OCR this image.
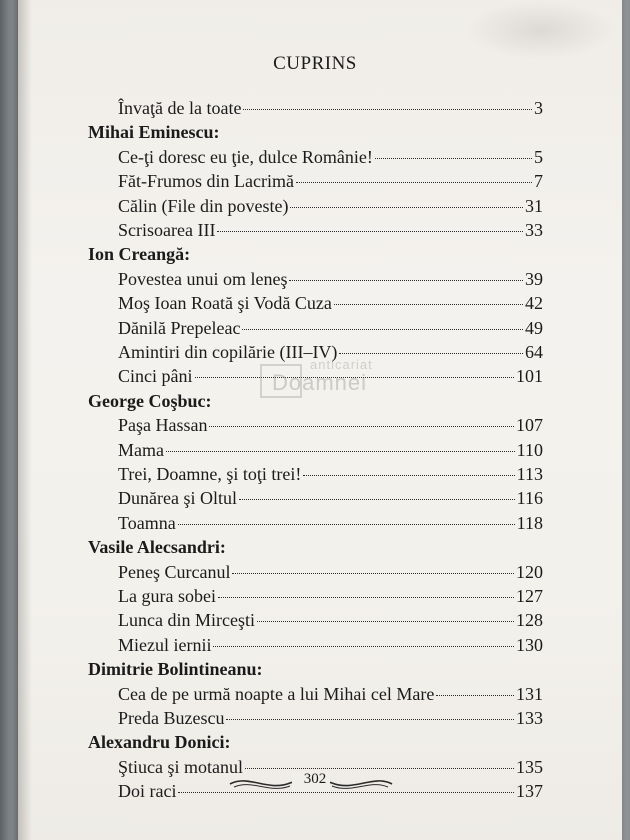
CUPRINS
Învaţă de la toate	3
Mihai Eminescu:
Ce-ţi doresc eu ţie, dulce Românie!	5
Făt-Frumos din Lacrimă	7
Călin (File din poveste)	31
Scrisoarea III	33
Ion Creangă:
Povestea unui om leneş	39
Moş Ioan Roată şi Vodă Cuza	42
Dănilă Prepeleac	49
Amintiri din copilărie (III–IV)	64
Cinci pâni	101
George Coşbuc:
Paşa Hassan	107
Mama	110
Trei, Doamne, şi toţi trei!	113
Dunărea şi Oltul	116
Toamna	118
Vasile Alecsandri:
Peneş Curcanul	120
La gura sobei	127
Lunca din Mirceşti	128
Miezul iernii	130
Dimitrie Bolintineanu:
Cea de pe urmă noapte a lui Mihai cel Mare	131
Preda Buzescu	133
Alexandru Donici:
Ştiuca şi motanul	135
Doi raci	137
anticariat
Doamnei
302
